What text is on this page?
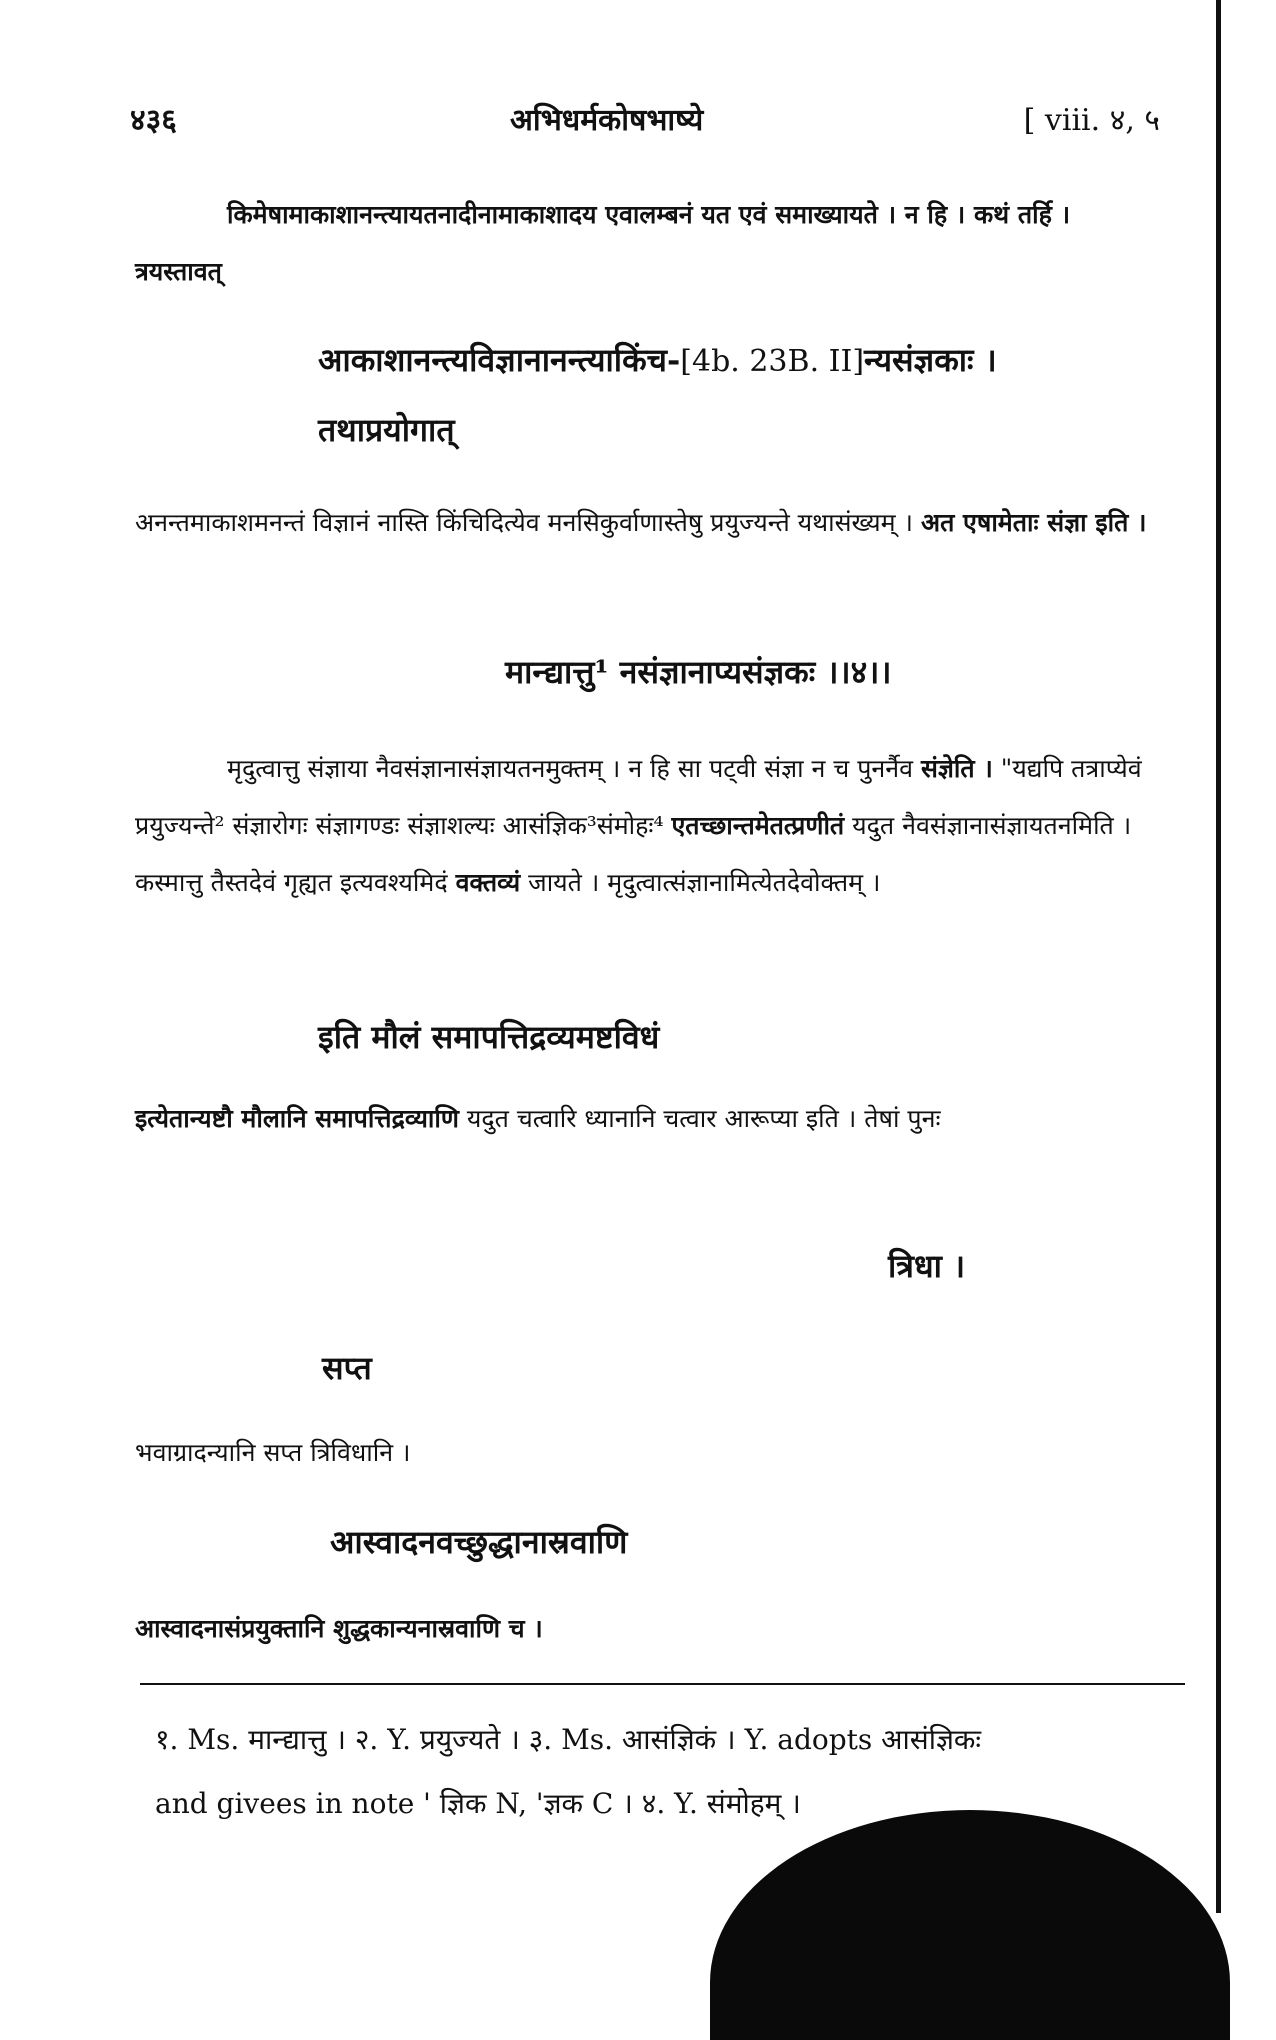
४३६	अभिधर्मकोषभाष्ये	[ viii. ४, ५
किमेषामाकाशानन्त्यायतनादीनामाकाशादय एवालम्बनं यत एवं समाख्यायते । न हि । कथं तर्हि । त्रयस्तावत्
आकाशानन्त्यविज्ञानानन्त्याकिंच-[4b. 23B. II]न्यसंज्ञकाः ।
तथाप्रयोगात्
अनन्तमाकाशमनन्तं विज्ञानं नास्ति किंचिदित्येव मनसिकुर्वाणास्तेषु प्रयुज्यन्ते यथासंख्यम् । अत एषामेताः संज्ञा इति ।
मान्द्यात्तु¹ नसंज्ञानाप्यसंज्ञकः ।।४।।
मृदुत्वात्तु संज्ञाया नैवसंज्ञानासंज्ञायतनमुक्तम् । न हि सा पट्वी संज्ञा न च पुनर्नैव संज्ञेति । "यद्यपि तत्राप्येवं प्रयुज्यन्ते² संज्ञारोगः संज्ञागण्डः संज्ञाशल्यः आसंज्ञिक³संमोहः⁴ एतच्छान्तमेतत्प्रणीतं यदुत नैवसंज्ञानासंज्ञायतनमिति । कस्मात्तु तैस्तदेवं गृह्यत इत्यवश्यमिदं वक्तव्यं जायते । मृदुत्वात्संज्ञानामित्येतदेवोक्तम् ।
इति मौलं समापत्तिद्रव्यमष्टविधं
इत्येतान्यष्टौ मौलानि समापत्तिद्रव्याणि यदुत चत्वारि ध्यानानि चत्वार आरूप्या इति । तेषां पुनः
त्रिधा ।
सप्त
भवाग्रादन्यानि सप्त त्रिविधानि ।
आस्वादनवच्छुद्धानास्रवाणि
आस्वादनासंप्रयुक्तानि शुद्धकान्यनास्रवाणि च ।
१. Ms. मान्द्यात्तु । २. Y. प्रयुज्यते । ३. Ms. आसंज्ञिकं । Y. adopts आसंज्ञिकः
and givees in note ' ज्ञिक N, 'ज्ञक C । ४. Y. संमोहम् ।
